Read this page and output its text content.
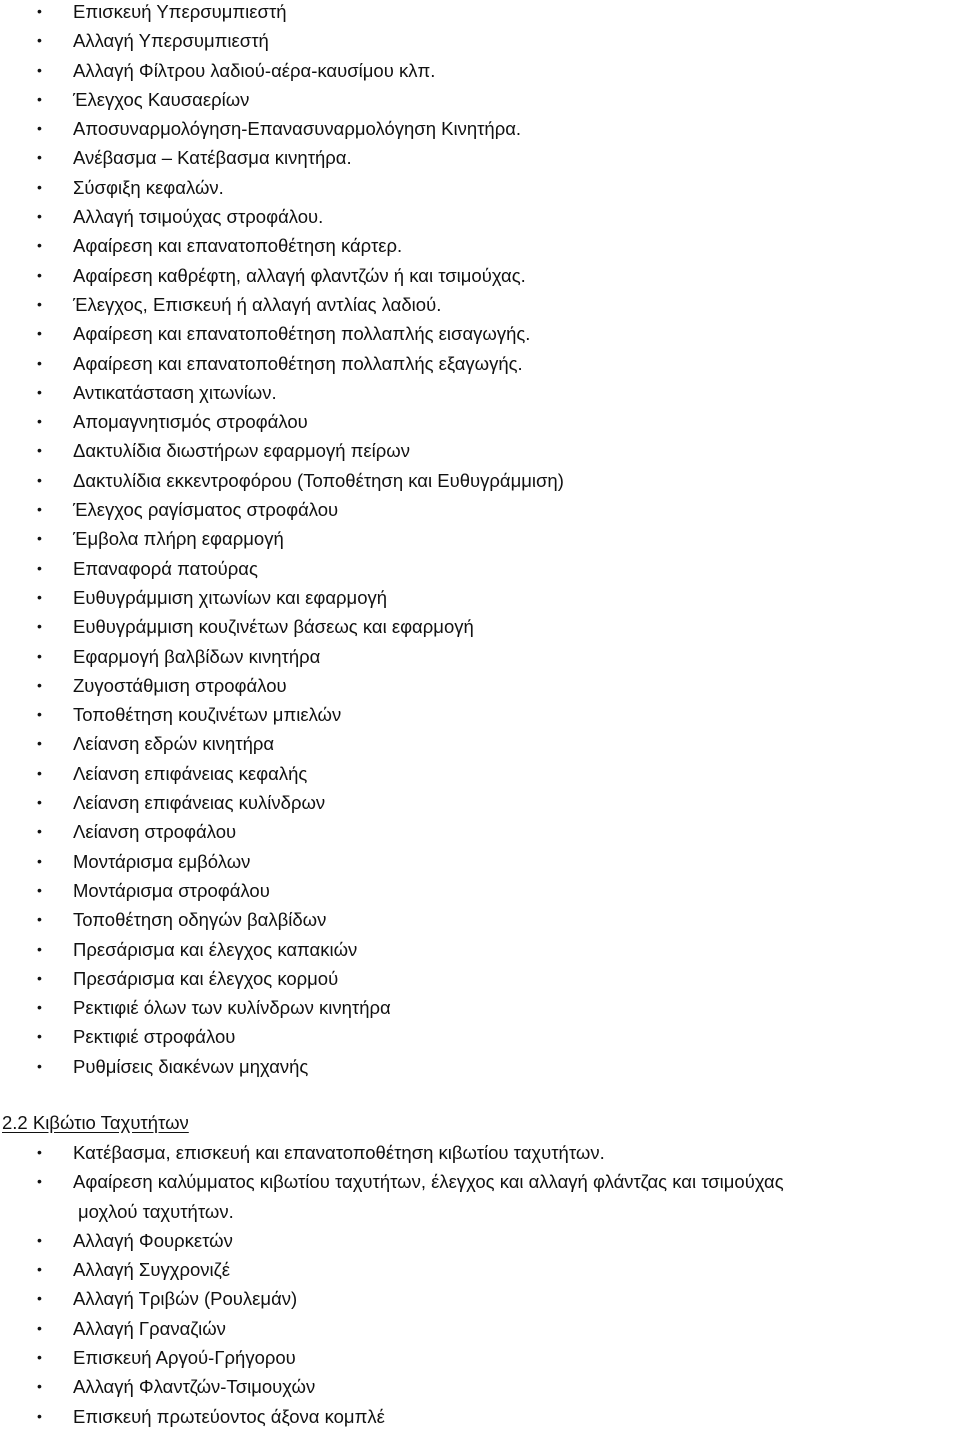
• Επισκευή Υπερσυμπιεστή
• Αλλαγή Υπερσυμπιεστή
• Αλλαγή Φίλτρου λαδιού-αέρα-καυσίμου κλπ.
• Έλεγχος Καυσαερίων
• Αποσυναρμολόγηση-Επανασυναρμολόγηση Κινητήρα.
• Ανέβασμα – Κατέβασμα κινητήρα.
• Σύσφιξη κεφαλών.
• Αλλαγή τσιμούχας στροφάλου.
• Αφαίρεση και επανατοποθέτηση κάρτερ.
• Αφαίρεση καθρέφτη, αλλαγή φλαντζών ή και τσιμούχας.
• Έλεγχος, Επισκευή ή αλλαγή αντλίας λαδιού.
• Αφαίρεση και επανατοποθέτηση πολλαπλής εισαγωγής.
• Αφαίρεση και επανατοποθέτηση πολλαπλής εξαγωγής.
• Αντικατάσταση χιτωνίων.
• Απομαγνητισμός στροφάλου
• Δακτυλίδια διωστήρων εφαρμογή πείρων
• Δακτυλίδια εκκεντροφόρου (Τοποθέτηση και Ευθυγράμμιση)
• Έλεγχος ραγίσματος στροφάλου
• Έμβολα πλήρη εφαρμογή
• Επαναφορά πατούρας
• Ευθυγράμμιση χιτωνίων και εφαρμογή
• Ευθυγράμμιση κουζινέτων βάσεως και εφαρμογή
• Εφαρμογή βαλβίδων κινητήρα
• Ζυγοστάθμιση στροφάλου
• Τοποθέτηση κουζινέτων μπιελών
• Λείανση εδρών κινητήρα
• Λείανση επιφάνειας κεφαλής
• Λείανση επιφάνειας κυλίνδρων
• Λείανση στροφάλου
• Μοντάρισμα εμβόλων
• Μοντάρισμα στροφάλου
• Τοποθέτηση οδηγών βαλβίδων
• Πρεσάρισμα και έλεγχος καπακιών
• Πρεσάρισμα και έλεγχος κορμού
• Ρεκτιφιέ όλων των κυλίνδρων κινητήρα
• Ρεκτιφιέ στροφάλου
• Ρυθμίσεις διακένων μηχανής
2.2 Κιβώτιο Ταχυτήτων
• Κατέβασμα, επισκευή και επανατοποθέτηση κιβωτίου ταχυτήτων.
• Αφαίρεση καλύμματος κιβωτίου ταχυτήτων, έλεγχος και αλλαγή φλάντζας και τσιμούχας
μοχλού ταχυτήτων.
• Αλλαγή Φουρκετών
• Αλλαγή Συγχρονιζέ
• Αλλαγή Τριβών (Ρουλεμάν)
• Αλλαγή Γραναζιών
• Επισκευή Αργού-Γρήγορου
• Αλλαγή Φλαντζών-Τσιμουχών
• Επισκευή πρωτεύοντος άξονα κομπλέ
